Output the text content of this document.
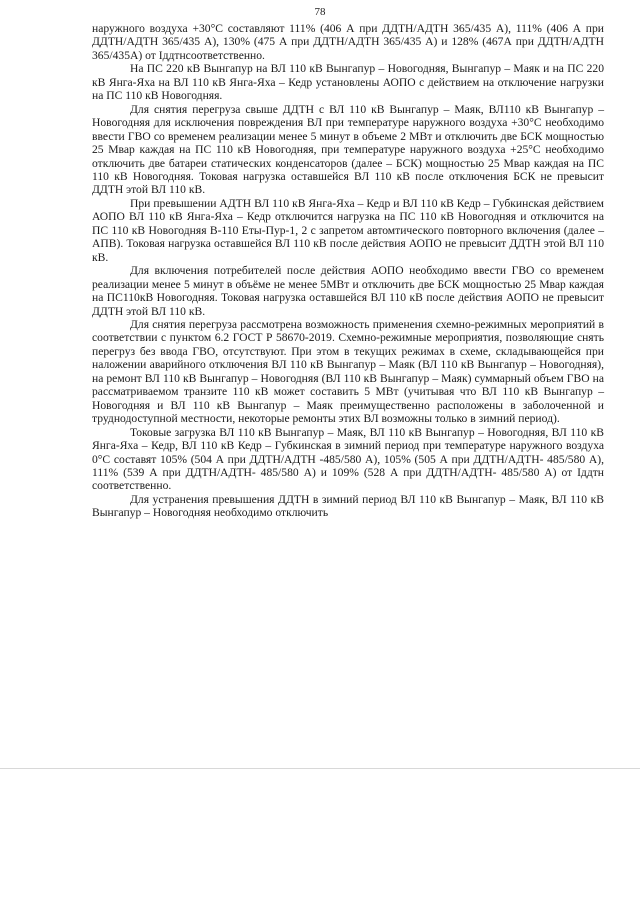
78

наружного воздуха +30°С составляют 111% (406 А при ДДТН/АДТН 365/435 А), 111% (406 А при ДДТН/АДТН 365/435 А), 130% (475 А при ДДТН/АДТН 365/435 А) и 128% (467А при ДДТН/АДТН 365/435А) от Iддтнсоответственно.

На ПС 220 кВ Вынгапур на ВЛ 110 кВ Вынгапур – Новогодняя, Вынгапур – Маяк и на ПС 220 кВ Янга-Яха на ВЛ 110 кВ Янга-Яха – Кедр установлены АОПО с действием на отключение нагрузки на ПС 110 кВ Новогодняя.

Для снятия перегруза свыше ДДТН с ВЛ 110 кВ Вынгапур – Маяк, ВЛ110 кВ Вынгапур – Новогодняя для исключения повреждения ВЛ при температуре наружного воздуха +30°С необходимо ввести ГВО со временем реализации менее 5 минут в объеме 2 МВт и отключить две БСК мощностью 25 Мвар каждая на ПС 110 кВ Новогодняя, при температуре наружного воздуха +25°С необходимо отключить две батареи статических конденсаторов (далее – БСК) мощностью 25 Мвар каждая на ПС 110 кВ Новогодняя. Токовая нагрузка оставшейся ВЛ 110 кВ после отключения БСК не превысит ДДТН этой ВЛ 110 кВ.

При превышении АДТН ВЛ 110 кВ Янга-Яха – Кедр и ВЛ 110 кВ Кедр – Губкинская действием АОПО ВЛ 110 кВ Янга-Яха – Кедр отключится нагрузка на ПС 110 кВ Новогодняя и отключится на ПС 110 кВ Новогодняя В-110 Еты-Пур-1, 2 с запретом автомтического повторного включения (далее – АПВ). Токовая нагрузка оставшейся ВЛ 110 кВ после действия АОПО не превысит ДДТН этой ВЛ 110 кВ.

Для включения потребителей после действия АОПО необходимо ввести ГВО со временем реализации менее 5 минут в объёме не менее 5МВт и отключить две БСК мощностью 25 Мвар каждая на ПС110кВ Новогодняя. Токовая нагрузка оставшейся ВЛ 110 кВ после действия АОПО не превысит ДДТН этой ВЛ 110 кВ.

Для снятия перегруза рассмотрена возможность применения схемно-режимных мероприятий в соответствии с пунктом 6.2 ГОСТ Р 58670-2019. Схемно-режимные мероприятия, позволяющие снять перегруз без ввода ГВО, отсутствуют. При этом в текущих режимах в схеме, складывающейся при наложении аварийного отключения ВЛ 110 кВ Вынгапур – Маяк (ВЛ 110 кВ Вынгапур – Новогодняя), на ремонт ВЛ 110 кВ Вынгапур – Новогодняя (ВЛ 110 кВ Вынгапур – Маяк) суммарный объем ГВО на рассматриваемом транзите 110 кВ может составить 5 МВт (учитывая что ВЛ 110 кВ Вынгапур – Новогодняя и ВЛ 110 кВ Вынгапур – Маяк преимущественно расположены в заболоченной и труднодоступной местности, некоторые ремонты этих ВЛ возможны только в зимний период).

Токовые загрузка ВЛ 110 кВ Вынгапур – Маяк, ВЛ 110 кВ Вынгапур – Новогодняя, ВЛ 110 кВ Янга-Яха – Кедр, ВЛ 110 кВ Кедр – Губкинская в зимний период при температуре наружного воздуха 0°С составят 105% (504 А при ДДТН/АДТН -485/580 А), 105% (505 А при ДДТН/АДТН- 485/580 А), 111% (539 А при ДДТН/АДТН- 485/580 А) и 109% (528 А при ДДТН/АДТН- 485/580 А) от Iддтн соответственно.

Для устранения превышения ДДТН в зимний период ВЛ 110 кВ Вынгапур – Маяк, ВЛ 110 кВ Вынгапур – Новогодняя необходимо отключить
